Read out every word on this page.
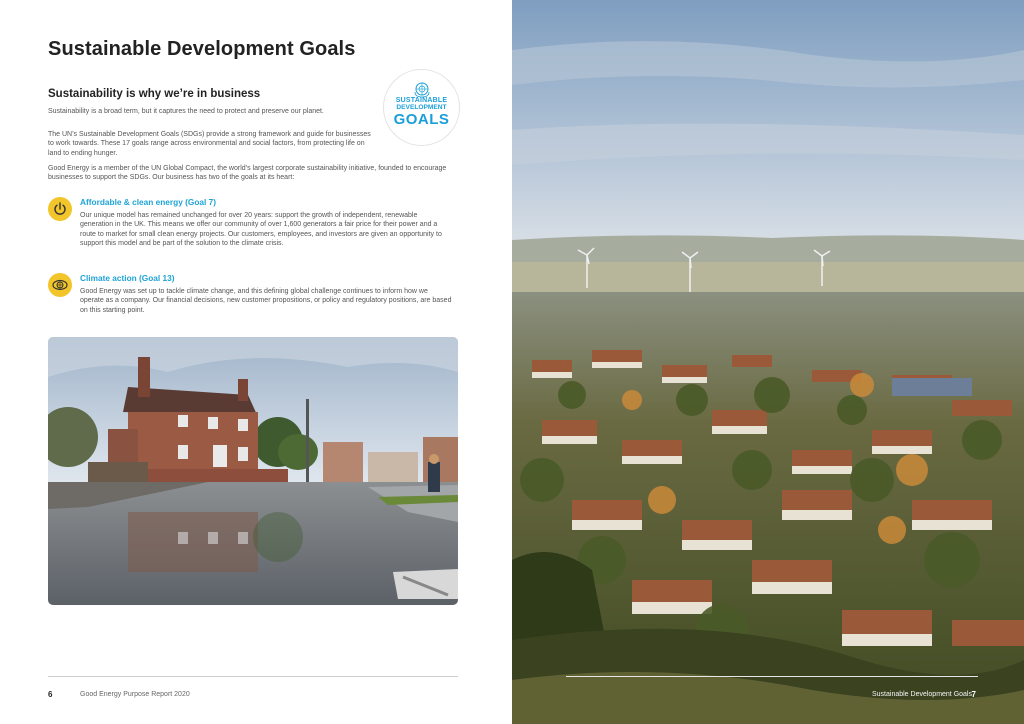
Sustainable Development Goals
Sustainability is why we’re in business
Sustainability is a broad term, but it captures the need to protect and preserve our planet.
The UN’s Sustainable Development Goals (SDGs) provide a strong framework and guide for businesses to work towards. These 17 goals range across environmental and social factors, from protecting life on land to ending hunger.
Good Energy is a member of the UN Global Compact, the world’s largest corporate sustainability initiative, founded to encourage businesses to support the SDGs. Our business has two of the goals at its heart:
SUSTAINABLE
DEVELOPMENT
GOALS
Affordable & clean energy (Goal 7)
Our unique model has remained unchanged for over 20 years: support the growth of independent, renewable generation in the UK. This means we offer our community of over 1,600 generators a fair price for their power and a route to market for small clean energy projects. Our customers, employees, and investors are given an opportunity to support this model and be part of the solution to the climate crisis.
Climate action (Goal 13)
Good Energy was set up to tackle climate change, and this defining global challenge continues to inform how we operate as a company. Our financial decisions, new customer propositions, or policy and regulatory positions, are based on this starting point.
6	Good Energy Purpose Report 2020	Sustainable Development Goals 7
